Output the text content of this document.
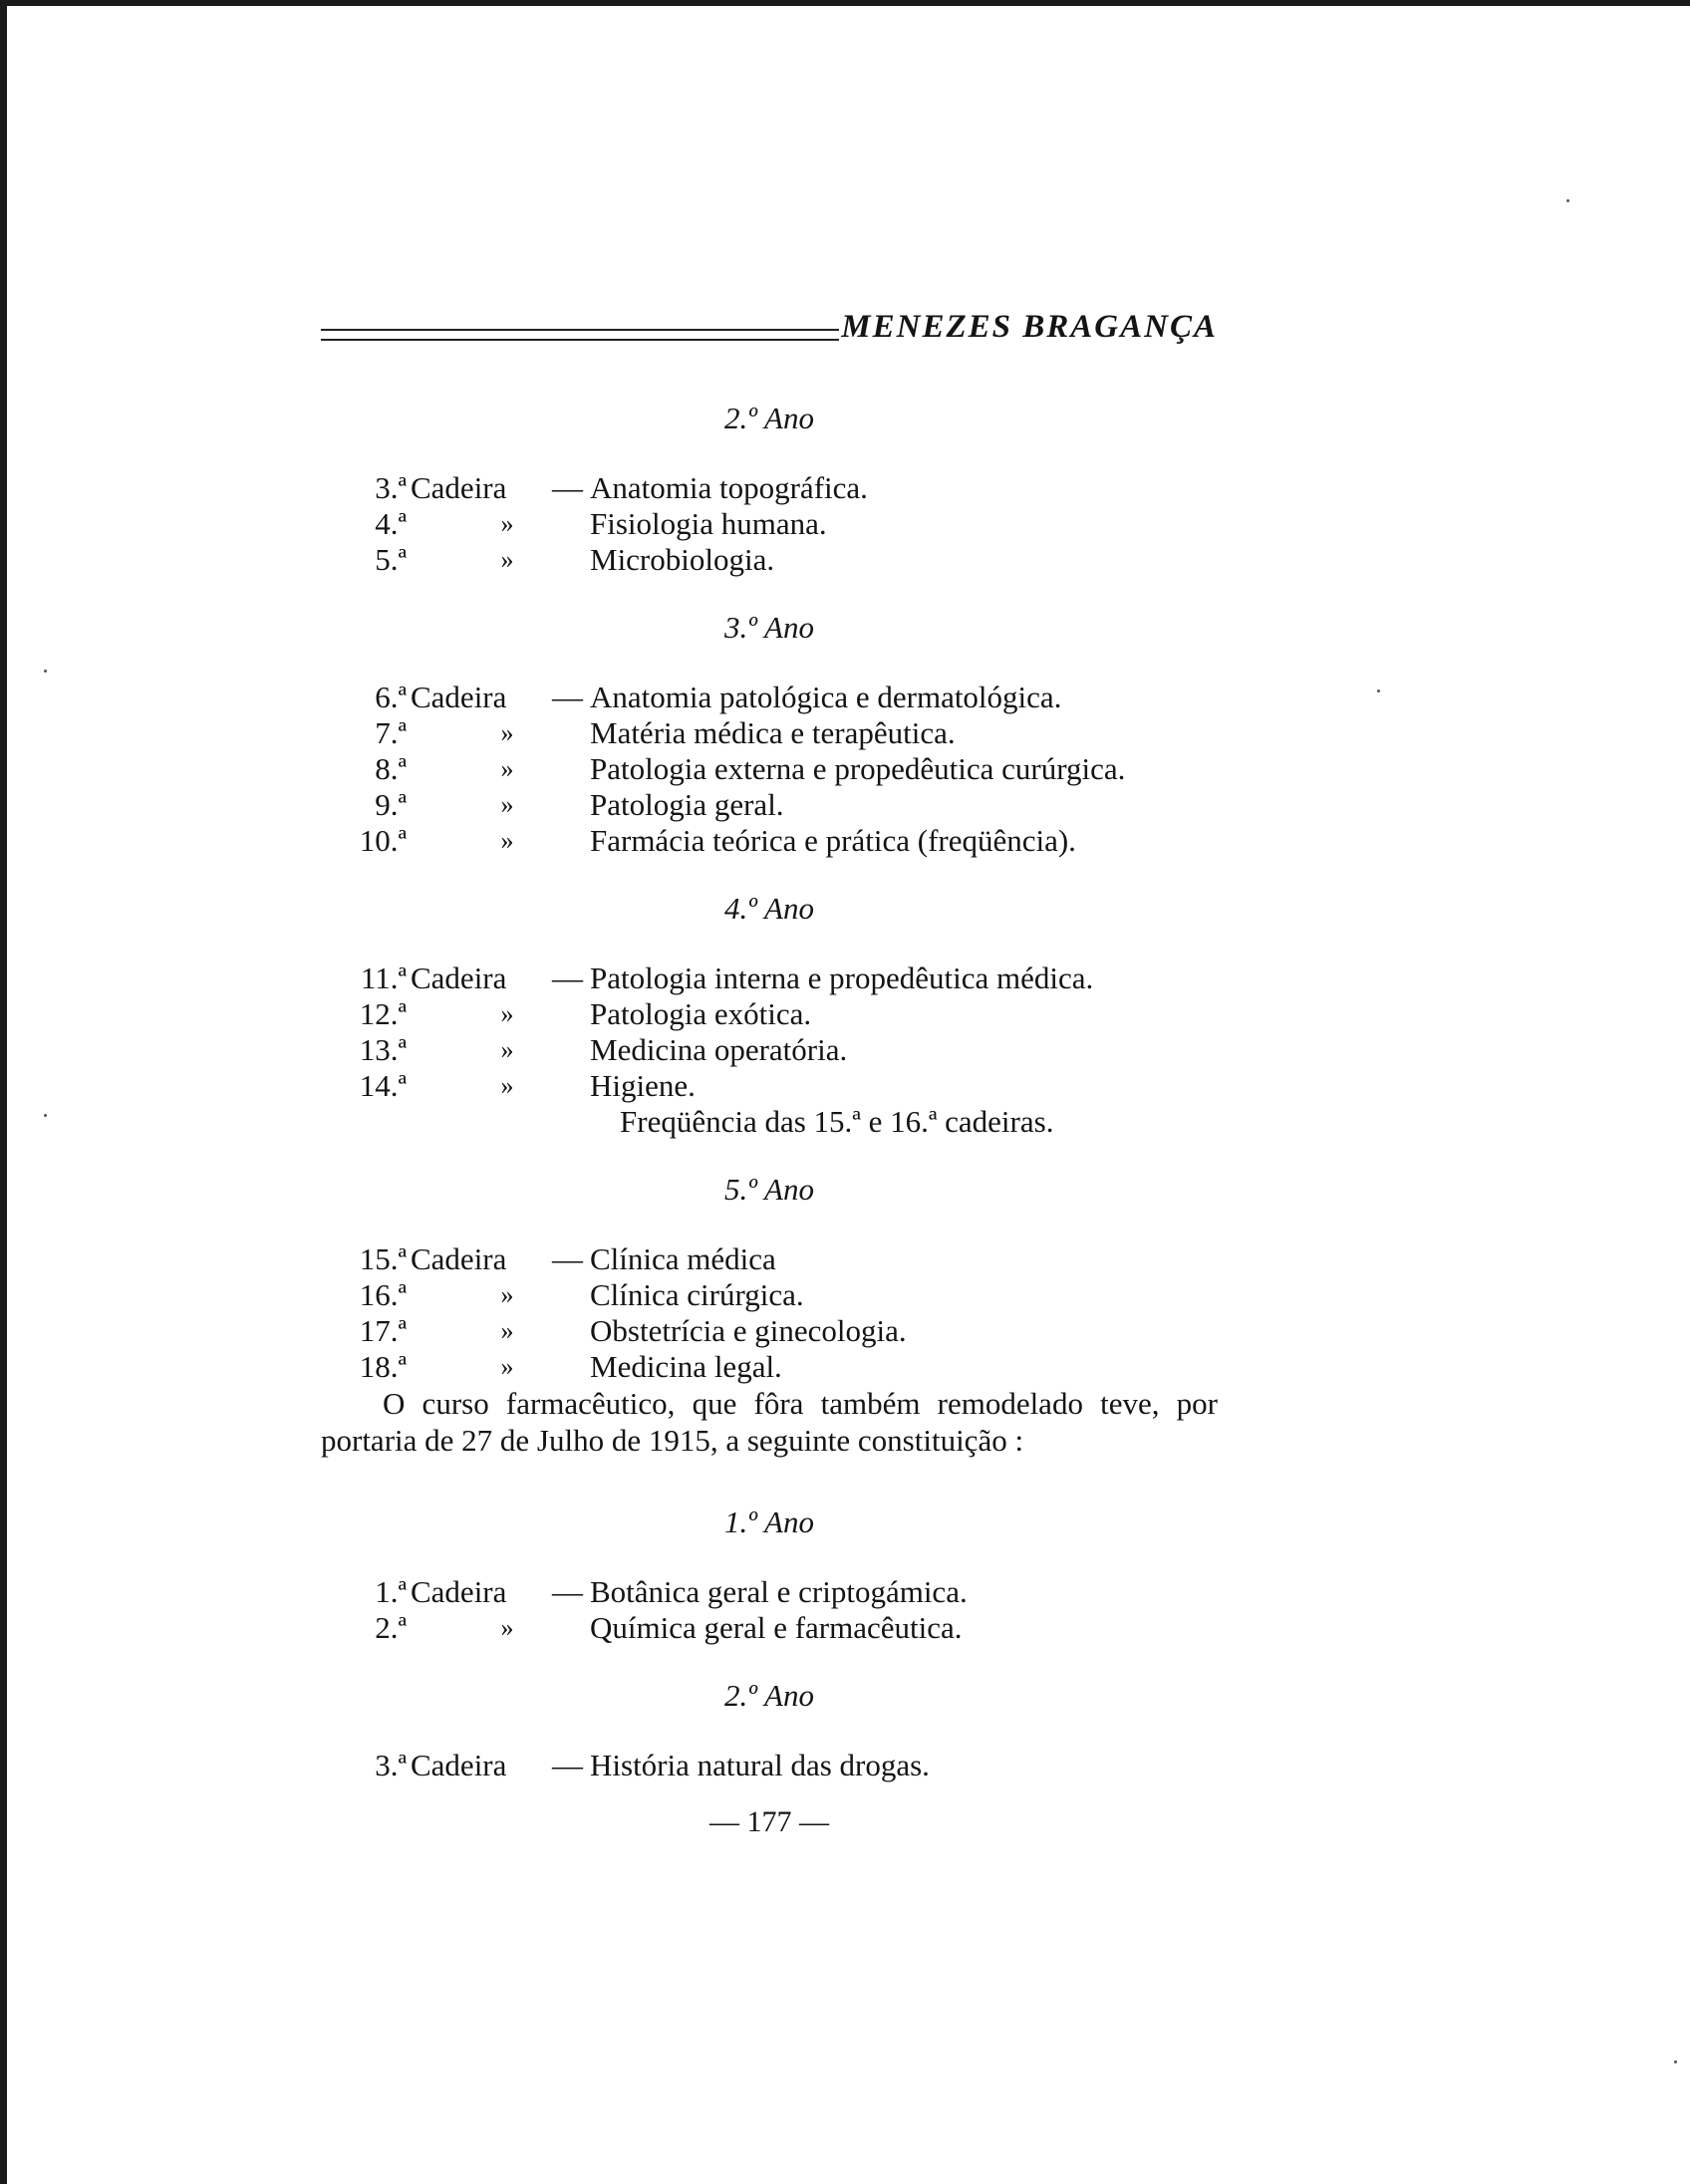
MENEZES BRAGANÇA

2.º Ano

3.ª Cadeira — Anatomia topográfica.
4.ª	» Fisiologia humana.
5.ª	» Microbiologia.

3.º Ano

6.ª Cadeira — Anatomia patológica e dermatológica.
7.ª	» Matéria médica e terapêutica.
8.ª	» Patologia externa e propedêutica curúrgica.
9.ª	» Patologia geral.
10.ª	» Farmácia teórica e prática (freqüência).

4.º Ano

11.ª Cadeira — Patologia interna e propedêutica médica.
12.ª	» Patologia exótica.
13.ª	» Medicina operatória.
14.ª	» Higiene.
Freqüência das 15.ª e 16.ª cadeiras.

5.º Ano

15.ª Cadeira — Clínica médica
16.ª	» Clínica cirúrgica.
17.ª	» Obstetrícia e ginecologia.
18.ª	» Medicina legal.

O curso farmacêutico, que fôra também remodelado teve, por portaria de 27 de Julho de 1915, a seguinte constituição :

1.º Ano

1.ª Cadeira — Botânica geral e criptogámica.
2.ª	» Química geral e farmacêutica.

2.º Ano

3.ª Cadeira — História natural das drogas.

— 177 —
